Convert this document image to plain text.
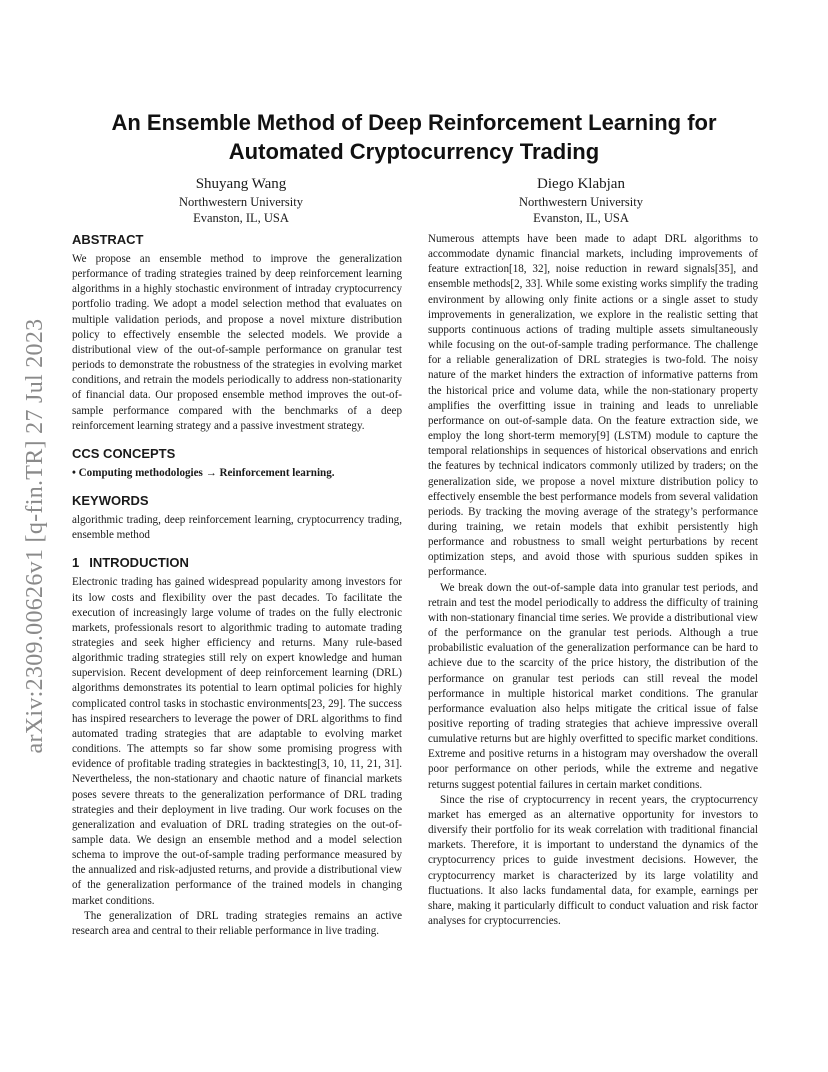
arXiv:2309.00626v1 [q-fin.TR] 27 Jul 2023
An Ensemble Method of Deep Reinforcement Learning for
Automated Cryptocurrency Trading
Shuyang Wang
Northwestern University
Evanston, IL, USA
Diego Klabjan
Northwestern University
Evanston, IL, USA
ABSTRACT

We propose an ensemble method to improve the generalization performance of trading strategies trained by deep reinforcement learning algorithms in a highly stochastic environment of intraday cryptocurrency portfolio trading. We adopt a model selection method that evaluates on multiple validation periods, and propose a novel mixture distribution policy to effectively ensemble the selected models. We provide a distributional view of the out-of-sample performance on granular test periods to demonstrate the robustness of the strategies in evolving market conditions, and retrain the models periodically to address non-stationarity of financial data. Our proposed ensemble method improves the out-of-sample performance compared with the benchmarks of a deep reinforcement learning strategy and a passive investment strategy.

CCS CONCEPTS

• Computing methodologies → Reinforcement learning.

KEYWORDS

algorithmic trading, deep reinforcement learning, cryptocurrency trading, ensemble method

1 INTRODUCTION

Electronic trading has gained widespread popularity among investors for its low costs and flexibility over the past decades. To facilitate the execution of increasingly large volume of trades on the fully electronic markets, professionals resort to algorithmic trading to automate trading strategies and seek higher efficiency and returns. Many rule-based algorithmic trading strategies still rely on expert knowledge and human supervision. Recent development of deep reinforcement learning (DRL) algorithms demonstrates its potential to learn optimal policies for highly complicated control tasks in stochastic environments[23, 29]. The success has inspired researchers to leverage the power of DRL algorithms to find automated trading strategies that are adaptable to evolving market conditions. The attempts so far show some promising progress with evidence of profitable trading strategies in backtesting[3, 10, 11, 21, 31]. Nevertheless, the non-stationary and chaotic nature of financial markets poses severe threats to the generalization performance of DRL trading strategies and their deployment in live trading. Our work focuses on the generalization and evaluation of DRL trading strategies on the out-of-sample data. We design an ensemble method and a model selection schema to improve the out-of-sample trading performance measured by the annualized and risk-adjusted returns, and provide a distributional view of the generalization performance of the trained models in changing market conditions.

The generalization of DRL trading strategies remains an active research area and central to their reliable performance in live trading.

Numerous attempts have been made to adapt DRL algorithms to accommodate dynamic financial markets, including improvements of feature extraction[18, 32], noise reduction in reward signals[35], and ensemble methods[2, 33]. While some existing works simplify the trading environment by allowing only finite actions or a single asset to study improvements in generalization, we explore in the realistic setting that supports continuous actions of trading multiple assets simultaneously while focusing on the out-of-sample trading performance. The challenge for a reliable generalization of DRL strategies is two-fold. The noisy nature of the market hinders the extraction of informative patterns from the historical price and volume data, while the non-stationary property amplifies the overfitting issue in training and leads to unreliable performance on out-of-sample data. On the feature extraction side, we employ the long short-term memory[9] (LSTM) module to capture the temporal relationships in sequences of historical observations and enrich the features by technical indicators commonly utilized by traders; on the generalization side, we propose a novel mixture distribution policy to effectively ensemble the best performance models from several validation periods. By tracking the moving average of the strategy’s performance during training, we retain models that exhibit persistently high performance and robustness to small weight perturbations by recent optimization steps, and avoid those with spurious sudden spikes in performance.

We break down the out-of-sample data into granular test periods, and retrain and test the model periodically to address the difficulty of training with non-stationary financial time series. We provide a distributional view of the performance on the granular test periods. Although a true probabilistic evaluation of the generalization performance can be hard to achieve due to the scarcity of the price history, the distribution of the performance on granular test periods can still reveal the model performance in multiple historical market conditions. The granular performance evaluation also helps mitigate the critical issue of false positive reporting of trading strategies that achieve impressive overall cumulative returns but are highly overfitted to specific market conditions. Extreme and positive returns in a histogram may overshadow the overall poor performance on other periods, while the extreme and negative returns suggest potential failures in certain market conditions.

Since the rise of cryptocurrency in recent years, the cryptocurrency market has emerged as an alternative opportunity for investors to diversify their portfolio for its weak correlation with traditional financial markets. Therefore, it is important to understand the dynamics of the cryptocurrency prices to guide investment decisions. However, the cryptocurrency market is characterized by its large volatility and fluctuations. It also lacks fundamental data, for example, earnings per share, making it particularly difficult to conduct valuation and risk factor analyses for cryptocurrencies.
